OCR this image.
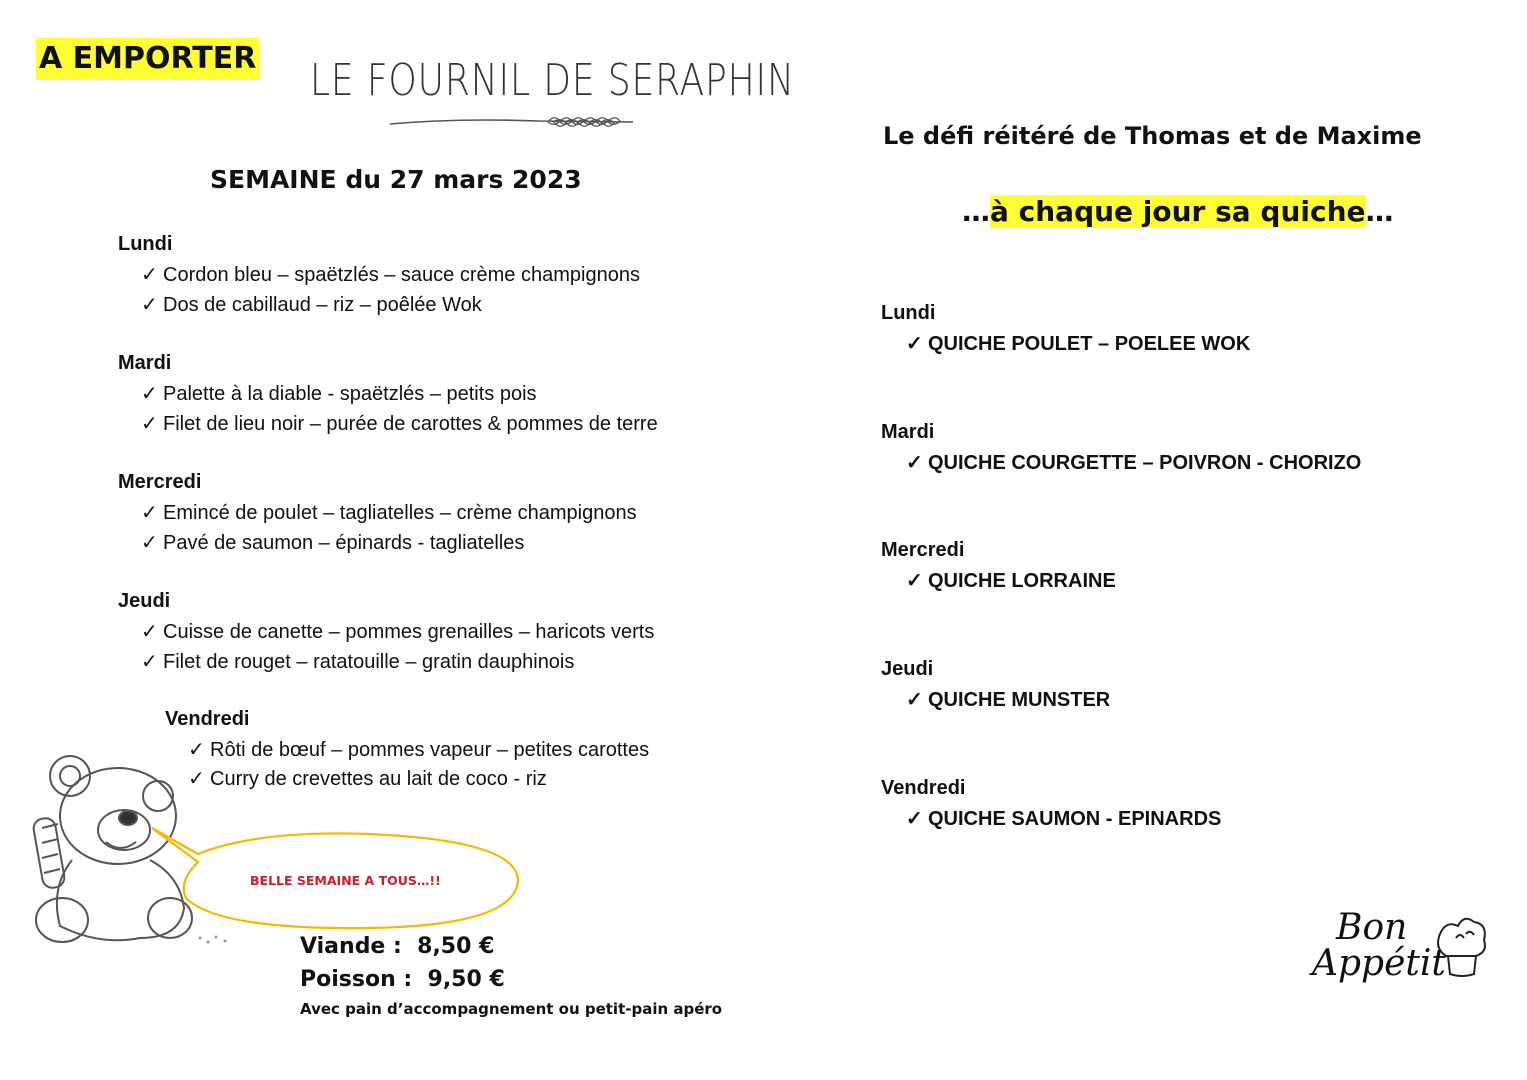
A EMPORTER LE FOURNIL DE SERAPHIN
SEMAINE du 27 mars 2023
Lundi
✓ Cordon bleu – spaëtzlés – sauce crème champignons
✓ Dos de cabillaud – riz – poêlée Wok
Mardi
✓ Palette à la diable - spaëtzlés – petits pois
✓ Filet de lieu noir – purée de carottes & pommes de terre
Mercredi
✓ Emincé de poulet – tagliatelles – crème champignons
✓ Pavé de saumon – épinards - tagliatelles
Jeudi
✓ Cuisse de canette – pommes grenailles – haricots verts
✓ Filet de rouget – ratatouille – gratin dauphinois
Vendredi
✓ Rôti de bœuf – pommes vapeur – petites carottes
✓ Curry de crevettes au lait de coco - riz
BELLE SEMAINE A TOUS…!!
Viande :  8,50 €
Poisson :  9,50 €
Avec pain d’accompagnement ou petit-pain apéro
Le défi réitéré de Thomas et de Maxime
…à chaque jour sa quiche…
Lundi
✓ QUICHE POULET – POELEE WOK
Mardi
✓ QUICHE COURGETTE – POIVRON - CHORIZO
Mercredi
✓ QUICHE LORRAINE
Jeudi
✓ QUICHE MUNSTER
Vendredi
✓ QUICHE SAUMON - EPINARDS
Bon
Appétit
